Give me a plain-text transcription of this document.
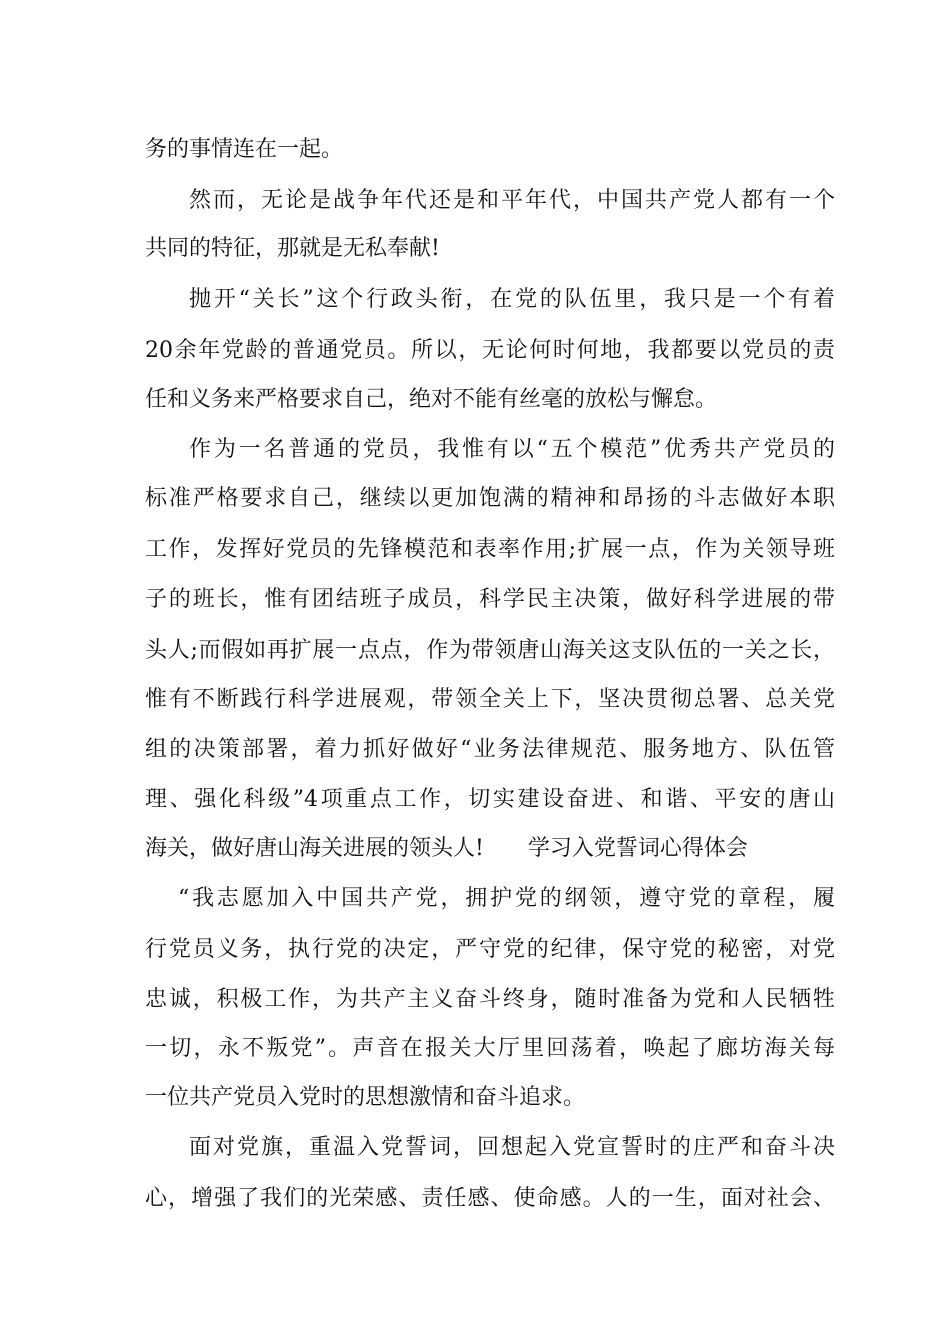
务的事情连在一起。
然而，无论是战争年代还是和平年代，中国共产党人都有一个
共同的特征，那就是无私奉献!
抛开“关长”这个行政头衔，在党的队伍里，我只是一个有着
20余年党龄的普通党员。所以，无论何时何地，我都要以党员的责
任和义务来严格要求自己，绝对不能有丝毫的放松与懈怠。
作为一名普通的党员，我惟有以“五个模范”优秀共产党员的
标准严格要求自己，继续以更加饱满的精神和昂扬的斗志做好本职
工作，发挥好党员的先锋模范和表率作用;扩展一点，作为关领导班
子的班长，惟有团结班子成员，科学民主决策，做好科学进展的带
头人;而假如再扩展一点点，作为带领唐山海关这支队伍的一关之长，
惟有不断践行科学进展观，带领全关上下，坚决贯彻总署、总关党
组的决策部署，着力抓好做好“业务法律规范、服务地方、队伍管
理、强化科级”4项重点工作，切实建设奋进、和谐、平安的唐山
海关，做好唐山海关进展的领头人!　　学习入党誓词心得体会
“我志愿加入中国共产党，拥护党的纲领，遵守党的章程，履
行党员义务，执行党的决定，严守党的纪律，保守党的秘密，对党
忠诚，积极工作，为共产主义奋斗终身，随时准备为党和人民牺牲
一切，永不叛党”。声音在报关大厅里回荡着，唤起了廊坊海关每
一位共产党员入党时的思想激情和奋斗追求。
面对党旗，重温入党誓词，回想起入党宣誓时的庄严和奋斗决
心，增强了我们的光荣感、责任感、使命感。人的一生，面对社会、
